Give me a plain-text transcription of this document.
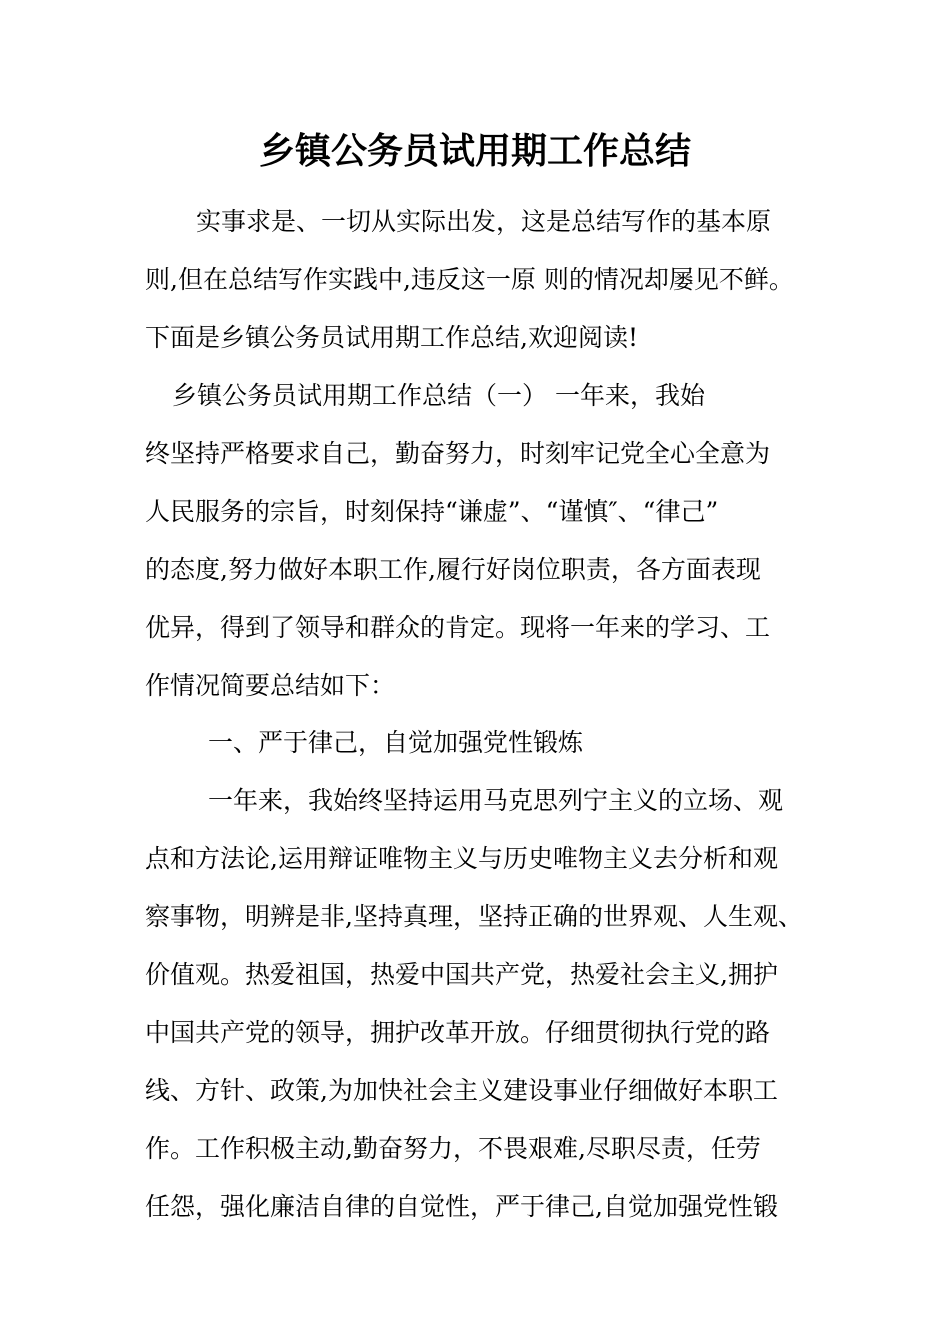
乡镇公务员试用期工作总结

实事求是、一切从实际出发，这是总结写作的基本原

则,但在总结写作实践中,违反这一原 则的情况却屡见不鲜。

下面是乡镇公务员试用期工作总结,欢迎阅读!

乡镇公务员试用期工作总结（一） 一年来，我始

终坚持严格要求自己，勤奋努力，时刻牢记党全心全意为

人民服务的宗旨，时刻保持“谦虚”、“谨慎″、“律己”

的态度,努力做好本职工作,履行好岗位职责，各方面表现

优异，得到了领导和群众的肯定。现将一年来的学习、工

作情况简要总结如下：

一、严于律己，自觉加强党性锻炼

一年来，我始终坚持运用马克思列宁主义的立场、观

点和方法论,运用辩证唯物主义与历史唯物主义去分析和观

察事物，明辨是非,坚持真理，坚持正确的世界观、人生观、

价值观。热爱祖国，热爱中国共产党，热爱社会主义,拥护

中国共产党的领导，拥护改革开放。仔细贯彻执行党的路

线、方针、政策,为加快社会主义建设事业仔细做好本职工

作。工作积极主动,勤奋努力，不畏艰难,尽职尽责，任劳

任怨，强化廉洁自律的自觉性，严于律己,自觉加强党性锻
